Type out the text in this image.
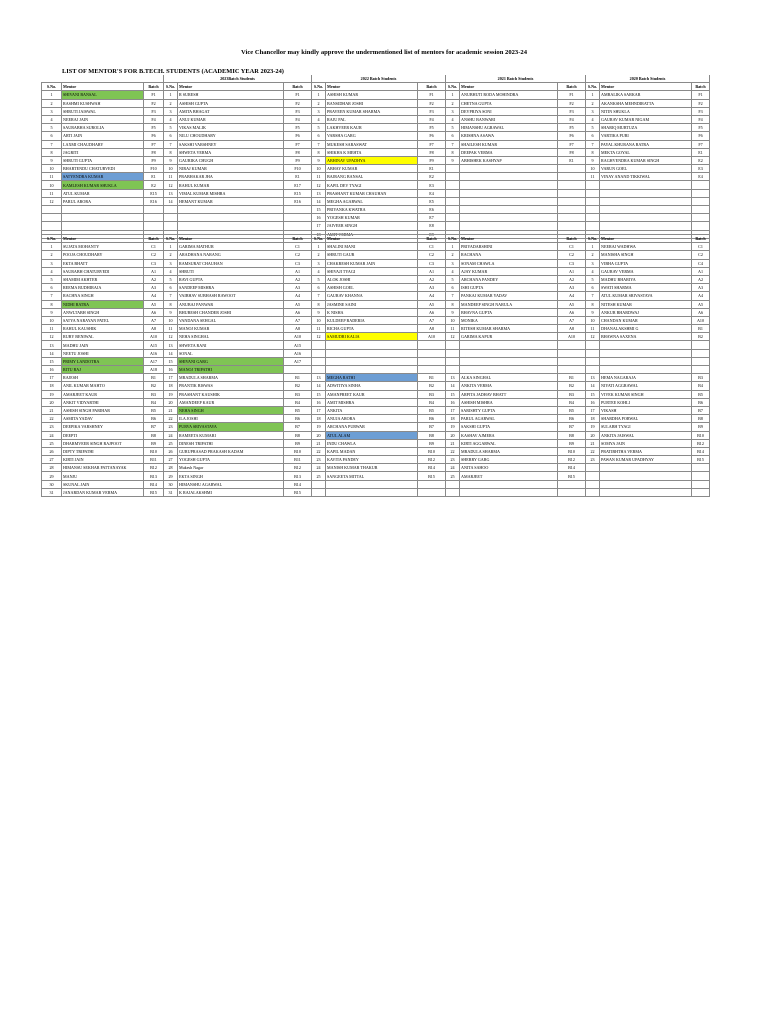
Vice Chancellor may kindly approve the undermentioned list of mentors for academic session 2023-24
LIST OF MENTOR'S FOR B.TECH. STUDENTS (ACADEMIC YEAR 2023-24)
			2023Batch Students			2022 Batch Students			2021 Batch Students			2020 Batch Students		
S.No.	Mentor	Batch	S.No.	Mentor	Batch	S.No.	Mentor	Batch	S.No.	Mentor	Batch	S.No.	Mentor	Batch
1	SHIVANI BANSAL	F1	1	R SURESH	F1	1	ASHISH KUMAR	F1	1	ANUBHUTI RODA MOHINDRA	F1	1	AMBALIKA SARKAR	F1
2	RASHMI KUSHWAH	F2	2	ASHISH GUPTA	F2	2	BANSIDHAR JOSHI	F2	2	CHETNA GUPTA	F2	2	AKANKSHA MEHNDIRATTA	F2
3	SHRUTI JAISWAL	F3	3	AMITA BHAGAT	F3	3	PRAVEEN KUMAR SHARMA	F3	3	DEVPRIYA SONI	F3	3	NITIN SHUKLA	F3
4	NEERAJ JAIN	F4	4	ANUJ KUMAR	F4	4	RAJU PAL	F4	4	ANSHU BANWARI	F4	4	GAURAV KUMAR NIGAM	F4
5	SAURABHA SUROLIA	F5	5	VIKAS MALIK	F5	5	LAKHVEER KAUR	F5	5	HIMANSHU AGRAWAL	F5	5	SHARIQ MURTUZA	F5
6	ARTI JAIN	F6	6	NILU CHOUDHARY	F6	6	VARSHA GARG	F6	6	KRISHNA ASAWA	F6	6	VARTIKA PURI	F6
7	LAXMI CHAUDHARY	F7	7	SAKSHI VARSHNEY	F7	7	MUKESH SARASWAT	F7	7	SHAILESH KUMAR	F7	7	PAYAL KHURANA BATRA	F7
8	JAGRITI	F8	8	SHWETA VERMA	F8	8	SHIKHA K MEHTA	F8	8	DEEPAK VERMA	F8	8	MEKTA GOYAL	E1
9	SHRUTI GUPTA	F9	9	GAURIKA CHUGH	F9	9	ABHINAV UPADHYA	F9	9	ABHISHEK KASHYAP	E1	9	RAGHVENDRA KUMAR SINGH	E2
10	BHARTENDU CHATURVEDI	F10	10	NIRAJ KUMAR	F10	10	ABHAY KUMAR	E1				10	VARUN GOEL	E3
11	SATYENDRA KUMAR	E1	11	PRABHAKAR JHA	E1	11	BAJRANG BANSAL	E2				11	VINAY ANAND TIKKIWAL	E4
10	KAMLESH KUMAR SHUKLA	E2	12	RAHUL KUMAR	E17	12	KAPIL DEV TYAGI	E3						
11	ATUL KUMAR	E15	13	VIMAL KUMAR MISHRA	E15	13	PRASHANT KUMAR CHAUHAN	E4						
12	PARUL ARORA	E16	14	HEMANT KUMAR	E16	14	MEGHA AGARWAL	E5						
						15	PRIYANKA KWATRA	E6						
						16	YOGESH KUMAR	E7						
						17	JAIVEER SINGH	E8						
						18	AMIT VERMA	E9						
S.No.	Mentor	Batch	S.No.	Mentor	Batch	S.No.	Mentor	Batch	S.No.	Mentor	Batch	S.No.	Mentor	Batch
1	SUJATA MOHANTY	C1	1	GARIMA MATHUR	C1	1	SHALINI MANI	C1	1	PRIYADARSHINI	C1	1	NEERAJ WADHWA	C1
2	POOJA CHOUDHARY	C2	2	ARADHANA NARANG	C2	2	SHRUTI GAUR	C2	2	RACHANA	C2	2	MANISHA SINGH	C2
3	EKTA BHATT	C3	3	RAMSURAT CHAUHAN	C3	3	CHAKRESH KUMAR JAIN	C3	3	SONAM CHAWLA	C3	3	VIBHA GUPTA	C4
4	SAURABH CHATURVEDI	A1	4	SHRUTI	A1	4	SHIVAJI TYAGI	A1	4	AJAY KUMAR	A1	4	GAURAV VERMA	A1
5	SHAMIM AKHTER	A2	5	RAVI GUPTA	A2	5	ALOK JOSHI	A2	5	ARCHANA PANDEY	A2	5	MADHU BHARIYA	A2
6	REEMA BUDHIRAJA	A3	6	SANDEEP MISHRA	A3	6	ASHISH GOEL	A3	6	ISHI GUPTA	A3	6	SWATI SHARMA	A3
7	RACHNA SINGH	A4	7	VAIBHAV SUBHASH RAWOOT	A4	7	GAURAV KHANNA	A4	7	PANKAJ KUMAR YADAV	A4	7	ATUL KUMAR SRIVASTAVA	A4
8	NIDHI BATRA	A5	8	ANUBAJ PANWAR	A5	8	JASMINE SAINI	A5	8	MANDEEP SINGH NARULA	A5	8	NITESH KUMAR	A5
9	ANWLTABH SINGH	A6	9	BHUBESH CHANDER JOSHI	A6	9	K NISHA	A6	9	BHAVNA GUPTA	A6	9	ANKUR BHARDWAJ	A6
10	SATYA NARAYAN PATEL	A7	10	VANDANA SEHGAL	A7	10	KULDEEP BADERIA	A7	10	MONIKA	A7	10	CHANDAN KUMAR	A10
11	RAHUL KAUSHIK	A8	11	MANOJ KUMAR	A8	11	RICHA GUPTA	A8	11	RITESH KUMAR SHARMA	A8	11	DHANALAKSHMI G	B1
12	RUBY BENIWAL	A10	12	NEHA SINGHAL	A10	12	SAMUDRI KALIA	A10	12	GARIMA KAPUR	A10	12	BHAWNA SAXENA	B2
13	MADHU JAIN	A15	13	SHWETA RANI	A15									
14	NEETU JOSHI	A16	14	SONAL	A16									
15	PRIMY LANDOTRA	A17	15	SHIVANI GARG	A17									
16	RITU RAJ	A18	16	MANOJ TRIPATHI										
17	RAJESH	B1	17	MRADULA SHARMA	B1	13	MEGHA RATHI	B1	13	ALKA SINGHAL	B1	13	HEMA NAGARAJA	B3
18	ANIL KUMAR MAHTO	B2	18	PRANTIK BISWAS	B2	14	ADWITIYA SINHA	B2	14	ANKITA VERMA	B2	14	NIYATI AGGRAWAL	B4
19	AMARJEET KAUR	B3	19	PRASHANT KAUSHIK	B3	15	AMANPREET KAUR	B3	15	ARPITA JADHAV BHATT	B3	15	VIVEK KUMAR SINGH	B5
20	ANKIT VIDYARTHI	B4	20	AMANDEEP KAUR	B4	16	AMIT MISHRA	B4	16	ASHISH MISHRA	B4	16	PURTEE KOHLI	B6
21	ASHISH SINGH PARIHAR	B5	21	NEHA SINGH	B5	17	ANKITA	B5	17	SARISHTY GUPTA	B5	17	VIKASH	B7
22	ASMITA YADAV	B6	22	ILA JOSHI	B6	18	ANUJA ARORA	B6	18	PARUL AGARWAL	B6	18	SHARDHA PORWAL	B8
23	DEEPIKA VARSHNEY	B7	23	PURVA SRIVASTAVA	B7	19	ARCHANA PURWAR	B7	19	SAKSHI GUPTA	B7	19	SULABH TYAGI	B9
24	DEEPTI	B8	24	RAMEETA KUMARI	B8	20	ATUL ALAM	B8	20	KASHAV AJMERA	B8	20	ANKITA JAISWAL	B10
25	DHARMVEER SINGH RAJPOOT	B9	25	DINESH TRIPATHI	B9	21	INDU CHAWLA	B9	21	KIRTI AGGARWAL	B9	21	SOMYA JAIN	B12
26	DIPTY TRIPATHI	B10	26	GURUPRASAD PRAKASH KADAM	B10	22	KAPIL MADAN	B10	22	MRADULA SHARMA	B10	22	PRATIBHTHA VERMA	B14
27	KIRTI JAIN	B11	27	YOGESH GUPTA	B11	23	KAVITA PANDEY	B12	23	SHERRY GARG	B12	23	PAWAN KUMAR UPADHYAY	B15
28	HIMANSU SEKHAR PATTANAYAK	B12	28	Mukesh Nagar	B12	24	MANISH KUMAR THAKUR	B14	24	ANITA SAHOO	B14			
29	MANJU	B13	29	EKTA SINGH	B13	25	SANGEETA MITTAL	B15	25	AMARJEET	B15			
30	SKUNAL JAIN	B14	30	HIMANSHU AGARWAL	B14									
31	JANARDAN KUMAR VERMA	B15	31	K RAJALAKSHMI	B15									
